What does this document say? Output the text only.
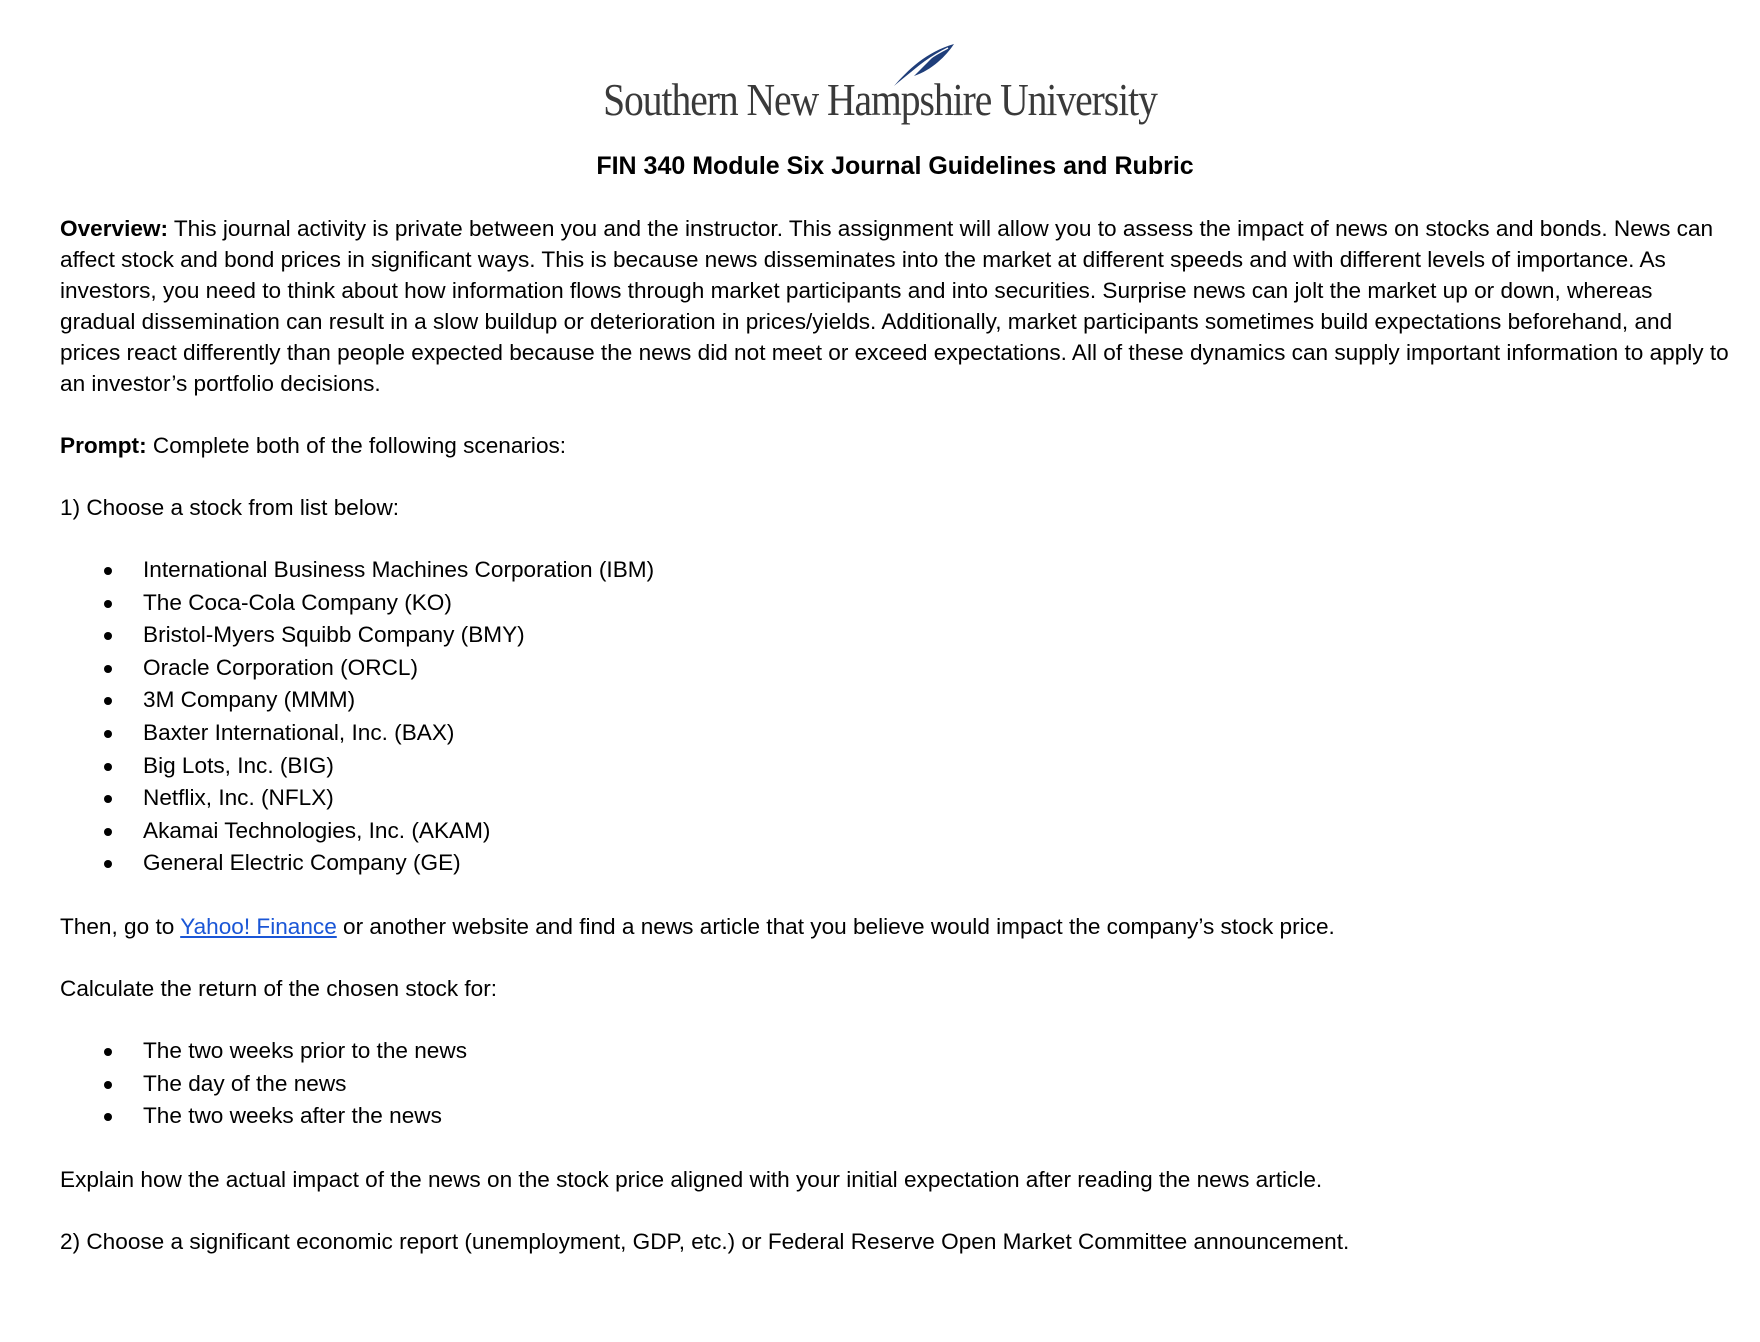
Southern New Hampshire University
FIN 340 Module Six Journal Guidelines and Rubric

Overview: This journal activity is private between you and the instructor. This assignment will allow you to assess the impact of news on stocks and bonds. News can affect stock and bond prices in significant ways. This is because news disseminates into the market at different speeds and with different levels of importance. As investors, you need to think about how information flows through market participants and into securities. Surprise news can jolt the market up or down, whereas gradual dissemination can result in a slow buildup or deterioration in prices/yields. Additionally, market participants sometimes build expectations beforehand, and prices react differently than people expected because the news did not meet or exceed expectations. All of these dynamics can supply important information to apply to an investor’s portfolio decisions.

Prompt: Complete both of the following scenarios:

1) Choose a stock from list below:

International Business Machines Corporation (IBM)
The Coca-Cola Company (KO)
Bristol-Myers Squibb Company (BMY)
Oracle Corporation (ORCL)
3M Company (MMM)
Baxter International, Inc. (BAX)
Big Lots, Inc. (BIG)
Netflix, Inc. (NFLX)
Akamai Technologies, Inc. (AKAM)
General Electric Company (GE)

Then, go to Yahoo! Finance or another website and find a news article that you believe would impact the company’s stock price.

Calculate the return of the chosen stock for:

The two weeks prior to the news
The day of the news
The two weeks after the news

Explain how the actual impact of the news on the stock price aligned with your initial expectation after reading the news article.

2) Choose a significant economic report (unemployment, GDP, etc.) or Federal Reserve Open Market Committee announcement.
